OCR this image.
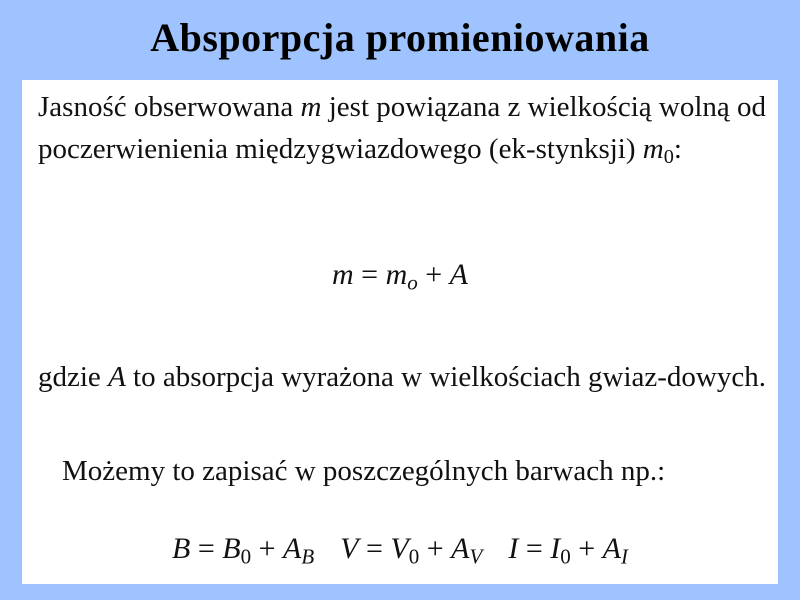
Absporpcja promieniowania

Jasność obserwowana m jest powiązana z wielkością wolną od poczerwienienia międzygwiazdowego (ek-stynksji) $m_0$:

$m = m_o + A$

gdzie A to absorpcja wyrażona w wielkościach gwiaz-dowych.

Możemy to zapisać w poszczególnych barwach np.:

$B = B_0 + A_B$ $V = V_0 + A_V$ $I = I_0 + A_I$
